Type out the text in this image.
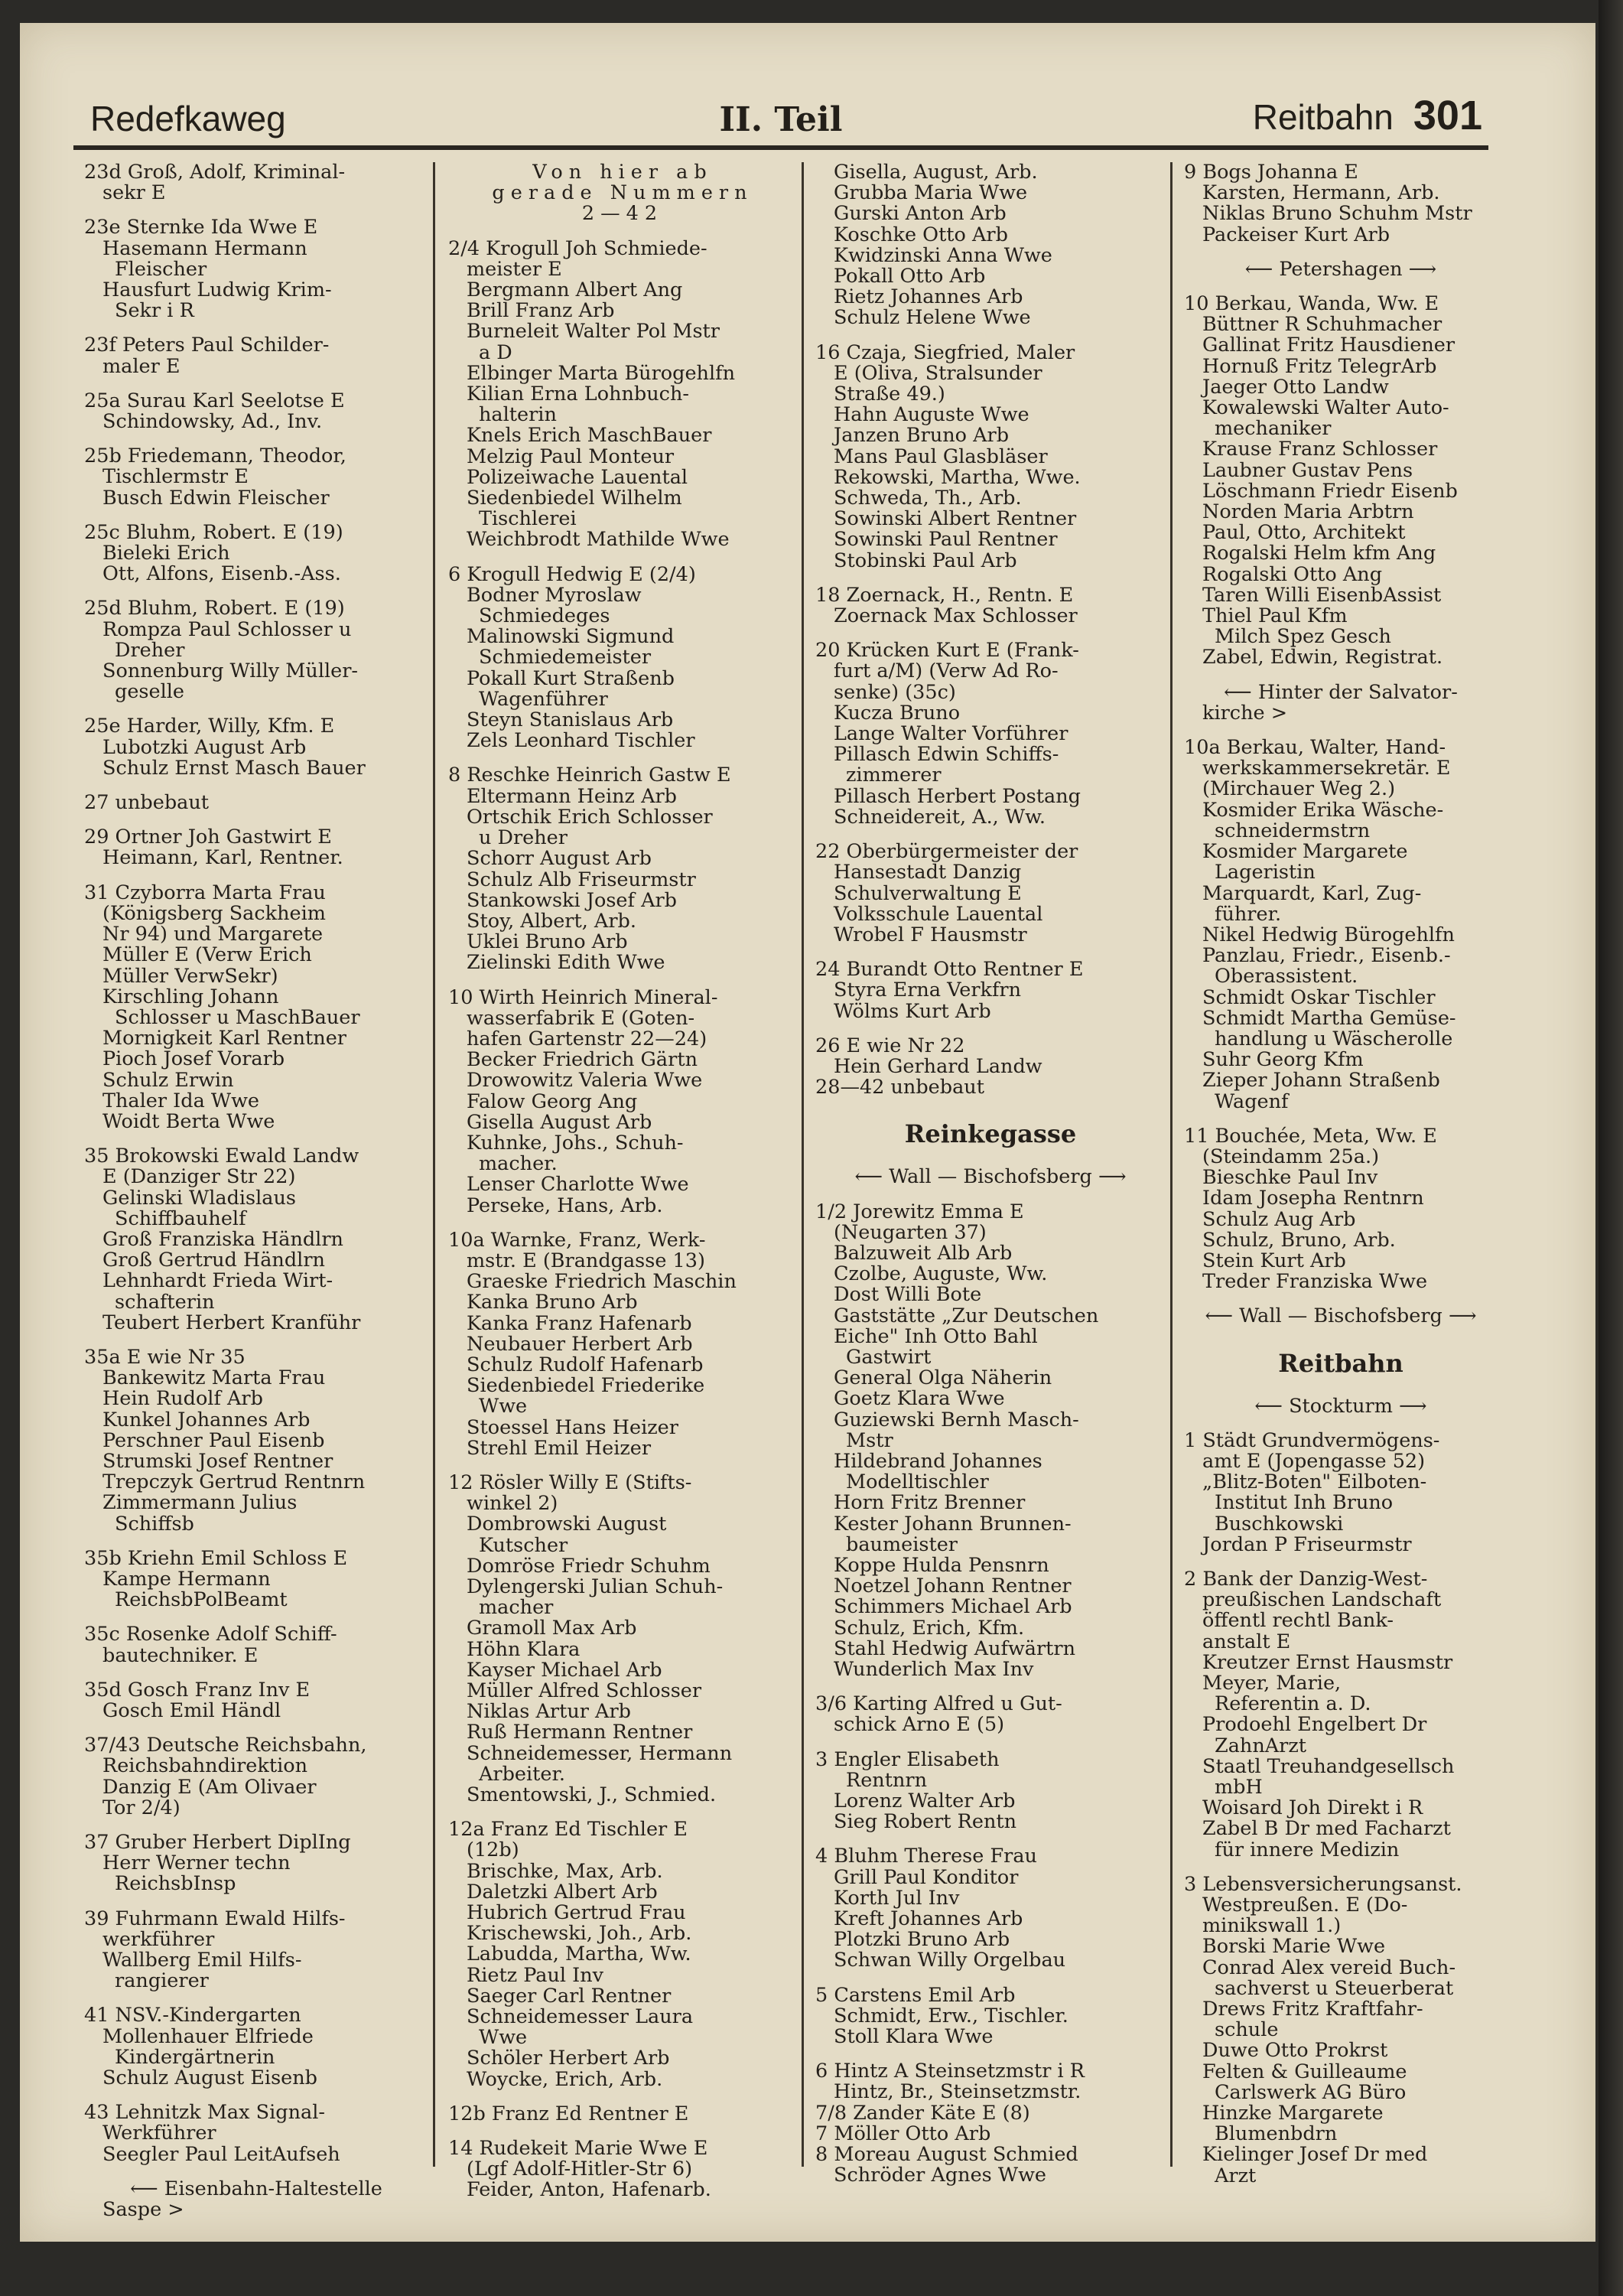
Redefkaweg	II. Teil	Reitbahn 301
23d Groß, Adolf, Kriminal-
sekr E
23e Sternke Ida Wwe E
Hasemann Hermann
Fleischer
Hausfurt Ludwig Krim-
Sekr i R
23f Peters Paul Schilder-
maler E
25a Surau Karl Seelotse E
Schindowsky, Ad., Inv.
25b Friedemann, Theodor,
Tischlermstr E
Busch Edwin Fleischer
25c Bluhm, Robert. E (19)
Bieleki Erich
Ott, Alfons, Eisenb.-Ass.
25d Bluhm, Robert. E (19)
Rompza Paul Schlosser u
Dreher
Sonnenburg Willy Müller-
geselle
25e Harder, Willy, Kfm. E
Lubotzki August Arb
Schulz Ernst Masch Bauer
27 unbebaut
29 Ortner Joh Gastwirt E
Heimann, Karl, Rentner.
31 Czyborra Marta Frau
(Königsberg Sackheim
Nr 94) und Margarete
Müller E (Verw Erich
Müller VerwSekr)
Kirschling Johann
Schlosser u MaschBauer
Mornigkeit Karl Rentner
Pioch Josef Vorarb
Schulz Erwin
Thaler Ida Wwe
Woidt Berta Wwe
35 Brokowski Ewald Landw
E (Danziger Str 22)
Gelinski Wladislaus
Schiffbauhelf
Groß Franziska Händlrn
Groß Gertrud Händlrn
Lehnhardt Frieda Wirt-
schafterin
Teubert Herbert Kranführ
35a E wie Nr 35
Bankewitz Marta Frau
Hein Rudolf Arb
Kunkel Johannes Arb
Perschner Paul Eisenb
Strumski Josef Rentner
Trepczyk Gertrud Rentnrn
Zimmermann Julius
Schiffsb
35b Kriehn Emil Schloss E
Kampe Hermann
ReichsbPolBeamt
35c Rosenke Adolf Schiff-
bautechniker. E
35d Gosch Franz Inv E
Gosch Emil Händl
37/43 Deutsche Reichsbahn,
Reichsbahndirektion
Danzig E (Am Olivaer
Tor 2/4)
37 Gruber Herbert DiplIng
Herr Werner techn
ReichsbInsp
39 Fuhrmann Ewald Hilfs-
werkführer
Wallberg Emil Hilfs-
rangierer
41 NSV.-Kindergarten
Mollenhauer Elfriede
Kindergärtnerin
Schulz August Eisenb
43 Lehnitzk Max Signal-
Werkführer
Seegler Paul LeitAufseh
⟵ Eisenbahn-Haltestelle
Saspe >
Von hier ab
gerade Nummern
2—42
2/4 Krogull Joh Schmiede-
meister E
Bergmann Albert Ang
Brill Franz Arb
Burneleit Walter Pol Mstr
a D
Elbinger Marta Bürogehlfn
Kilian Erna Lohnbuch-
halterin
Knels Erich MaschBauer
Melzig Paul Monteur
Polizeiwache Lauental
Siedenbiedel Wilhelm
Tischlerei
Weichbrodt Mathilde Wwe
6 Krogull Hedwig E (2/4)
Bodner Myroslaw
Schmiedeges
Malinowski Sigmund
Schmiedemeister
Pokall Kurt Straßenb
Wagenführer
Steyn Stanislaus Arb
Zels Leonhard Tischler
8 Reschke Heinrich Gastw E
Eltermann Heinz Arb
Ortschik Erich Schlosser
u Dreher
Schorr August Arb
Schulz Alb Friseurmstr
Stankowski Josef Arb
Stoy, Albert, Arb.
Uklei Bruno Arb
Zielinski Edith Wwe
10 Wirth Heinrich Mineral-
wasserfabrik E (Goten-
hafen Gartenstr 22—24)
Becker Friedrich Gärtn
Drowowitz Valeria Wwe
Falow Georg Ang
Gisella August Arb
Kuhnke, Johs., Schuh-
macher.
Lenser Charlotte Wwe
Perseke, Hans, Arb.
10a Warnke, Franz, Werk-
mstr. E (Brandgasse 13)
Graeske Friedrich Maschin
Kanka Bruno Arb
Kanka Franz Hafenarb
Neubauer Herbert Arb
Schulz Rudolf Hafenarb
Siedenbiedel Friederike
Wwe
Stoessel Hans Heizer
Strehl Emil Heizer
12 Rösler Willy E (Stifts-
winkel 2)
Dombrowski August
Kutscher
Domröse Friedr Schuhm
Dylengerski Julian Schuh-
macher
Gramoll Max Arb
Höhn Klara
Kayser Michael Arb
Müller Alfred Schlosser
Niklas Artur Arb
Ruß Hermann Rentner
Schneidemesser, Hermann
Arbeiter.
Smentowski, J., Schmied.
12a Franz Ed Tischler E
(12b)
Brischke, Max, Arb.
Daletzki Albert Arb
Hubrich Gertrud Frau
Krischewski, Joh., Arb.
Labudda, Martha, Ww.
Rietz Paul Inv
Saeger Carl Rentner
Schneidemesser Laura
Wwe
Schöler Herbert Arb
Woycke, Erich, Arb.
12b Franz Ed Rentner E
14 Rudekeit Marie Wwe E
(Lgf Adolf-Hitler-Str 6)
Feider, Anton, Hafenarb.
Gisella, August, Arb.
Grubba Maria Wwe
Gurski Anton Arb
Koschke Otto Arb
Kwidzinski Anna Wwe
Pokall Otto Arb
Rietz Johannes Arb
Schulz Helene Wwe
16 Czaja, Siegfried, Maler
E (Oliva, Stralsunder
Straße 49.)
Hahn Auguste Wwe
Janzen Bruno Arb
Mans Paul Glasbläser
Rekowski, Martha, Wwe.
Schweda, Th., Arb.
Sowinski Albert Rentner
Sowinski Paul Rentner
Stobinski Paul Arb
18 Zoernack, H., Rentn. E
Zoernack Max Schlosser
20 Krücken Kurt E (Frank-
furt a/M) (Verw Ad Ro-
senke) (35c)
Kucza Bruno
Lange Walter Vorführer
Pillasch Edwin Schiffs-
zimmerer
Pillasch Herbert Postang
Schneidereit, A., Ww.
22 Oberbürgermeister der
Hansestadt Danzig
Schulverwaltung E
Volksschule Lauental
Wrobel F Hausmstr
24 Burandt Otto Rentner E
Styra Erna Verkfrn
Wölms Kurt Arb
26 E wie Nr 22
Hein Gerhard Landw
28—42 unbebaut
Reinkegasse
⟵ Wall — Bischofsberg ⟶
1/2 Jorewitz Emma E
(Neugarten 37)
Balzuweit Alb Arb
Czolbe, Auguste, Ww.
Dost Willi Bote
Gaststätte „Zur Deutschen
Eiche" Inh Otto Bahl
Gastwirt
General Olga Näherin
Goetz Klara Wwe
Guziewski Bernh Masch-
Mstr
Hildebrand Johannes
Modelltischler
Horn Fritz Brenner
Kester Johann Brunnen-
baumeister
Koppe Hulda Pensnrn
Noetzel Johann Rentner
Schimmers Michael Arb
Schulz, Erich, Kfm.
Stahl Hedwig Aufwärtrn
Wunderlich Max Inv
3/6 Karting Alfred u Gut-
schick Arno E (5)
3 Engler Elisabeth
Rentnrn
Lorenz Walter Arb
Sieg Robert Rentn
4 Bluhm Therese Frau
Grill Paul Konditor
Korth Jul Inv
Kreft Johannes Arb
Plotzki Bruno Arb
Schwan Willy Orgelbau
5 Carstens Emil Arb
Schmidt, Erw., Tischler.
Stoll Klara Wwe
6 Hintz A Steinsetzmstr i R
Hintz, Br., Steinsetzmstr.
7/8 Zander Käte E (8)
7 Möller Otto Arb
8 Moreau August Schmied
Schröder Agnes Wwe
9 Bogs Johanna E
Karsten, Hermann, Arb.
Niklas Bruno Schuhm Mstr
Packeiser Kurt Arb
⟵ Petershagen ⟶
10 Berkau, Wanda, Ww. E
Büttner R Schuhmacher
Gallinat Fritz Hausdiener
Hornuß Fritz TelegrArb
Jaeger Otto Landw
Kowalewski Walter Auto-
mechaniker
Krause Franz Schlosser
Laubner Gustav Pens
Löschmann Friedr Eisenb
Norden Maria Arbtrn
Paul, Otto, Architekt
Rogalski Helm kfm Ang
Rogalski Otto Ang
Taren Willi EisenbAssist
Thiel Paul Kfm
Milch Spez Gesch
Zabel, Edwin, Registrat.
⟵ Hinter der Salvator-
kirche >
10a Berkau, Walter, Hand-
werkskammersekretär. E
(Mirchauer Weg 2.)
Kosmider Erika Wäsche-
schneidermstrn
Kosmider Margarete
Lageristin
Marquardt, Karl, Zug-
führer.
Nikel Hedwig Bürogehlfn
Panzlau, Friedr., Eisenb.-
Oberassistent.
Schmidt Oskar Tischler
Schmidt Martha Gemüse-
handlung u Wäscherolle
Suhr Georg Kfm
Zieper Johann Straßenb
Wagenf
11 Bouchée, Meta, Ww. E
(Steindamm 25a.)
Bieschke Paul Inv
Idam Josepha Rentnrn
Schulz Aug Arb
Schulz, Bruno, Arb.
Stein Kurt Arb
Treder Franziska Wwe
⟵ Wall — Bischofsberg ⟶
Reitbahn
⟵ Stockturm ⟶
1 Städt Grundvermögens-
amt E (Jopengasse 52)
„Blitz-Boten" Eilboten-
Institut Inh Bruno
Buschkowski
Jordan P Friseurmstr
2 Bank der Danzig-West-
preußischen Landschaft
öffentl rechtl Bank-
anstalt E
Kreutzer Ernst Hausmstr
Meyer, Marie,
Referentin a. D.
Prodoehl Engelbert Dr
ZahnArzt
Staatl Treuhandgesellsch
mbH
Woisard Joh Direkt i R
Zabel B Dr med Facharzt
für innere Medizin
3 Lebensversicherungsanst.
Westpreußen. E (Do-
minikswall 1.)
Borski Marie Wwe
Conrad Alex vereid Buch-
sachverst u Steuerberat
Drews Fritz Kraftfahr-
schule
Duwe Otto Prokrst
Felten & Guilleaume
Carlswerk AG Büro
Hinzke Margarete
Blumenbdrn
Kielinger Josef Dr med
Arzt
